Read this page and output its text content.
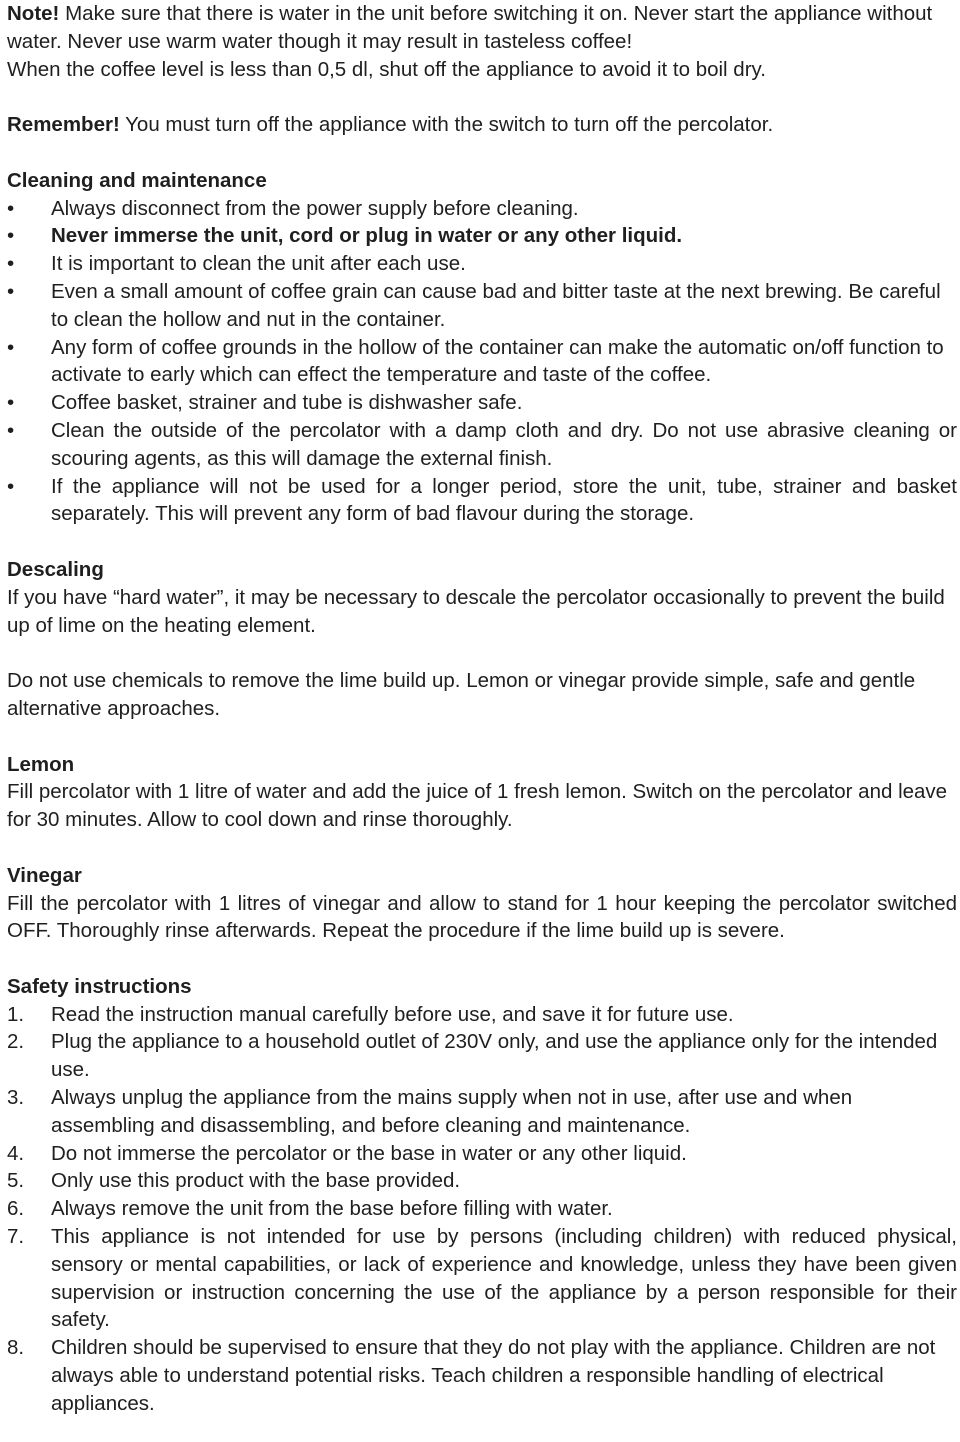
Note! Make sure that there is water in the unit before switching it on. Never start the appliance without water. Never use warm water though it may result in tasteless coffee!

When the coffee level is less than 0,5 dl, shut off the appliance to avoid it to boil dry.

Remember! You must turn off the appliance with the switch to turn off the percolator.

Cleaning and maintenance
•	Always disconnect from the power supply before cleaning.
•	Never immerse the unit, cord or plug in water or any other liquid.
•	It is important to clean the unit after each use.
•	Even a small amount of coffee grain can cause bad and bitter taste at the next brewing. Be careful to clean the hollow and nut in the container.
•	Any form of coffee grounds in the hollow of the container can make the automatic on/off function to activate to early which can effect the temperature and taste of the coffee.
•	Coffee basket, strainer and tube is dishwasher safe.
•	Clean the outside of the percolator with a damp cloth and dry. Do not use abrasive cleaning or scouring agents, as this will damage the external finish.
•	If the appliance will not be used for a longer period, store the unit, tube, strainer and basket separately. This will prevent any form of bad flavour during the storage.
Descaling

If you have “hard water”, it may be necessary to descale the percolator occasionally to prevent the build up of lime on the heating element.

Do not use chemicals to remove the lime build up. Lemon or vinegar provide simple, safe and gentle alternative approaches.

Lemon

Fill percolator with 1 litre of water and add the juice of 1 fresh lemon. Switch on the percolator and leave for 30 minutes. Allow to cool down and rinse thoroughly.

Vinegar

Fill the percolator with 1 litres of vinegar and allow to stand for 1 hour keeping the percolator switched OFF. Thoroughly rinse afterwards. Repeat the procedure if the lime build up is severe.

Safety instructions
1.	Read the instruction manual carefully before use, and save it for future use.
2.	Plug the appliance to a household outlet of 230V only, and use the appliance only for the intended use.
3.	Always unplug the appliance from the mains supply when not in use, after use and when assembling and disassembling, and before cleaning and maintenance.
4.	Do not immerse the percolator or the base in water or any other liquid.
5.	Only use this product with the base provided.
6.	Always remove the unit from the base before filling with water.
7.	This appliance is not intended for use by persons (including children) with reduced physical, sensory or mental capabilities, or lack of experience and knowledge, unless they have been given supervision or instruction concerning the use of the appliance by a person responsible for their safety.
8.	Children should be supervised to ensure that they do not play with the appliance. Children are not always able to understand potential risks. Teach children a responsible handling of electrical appliances.
